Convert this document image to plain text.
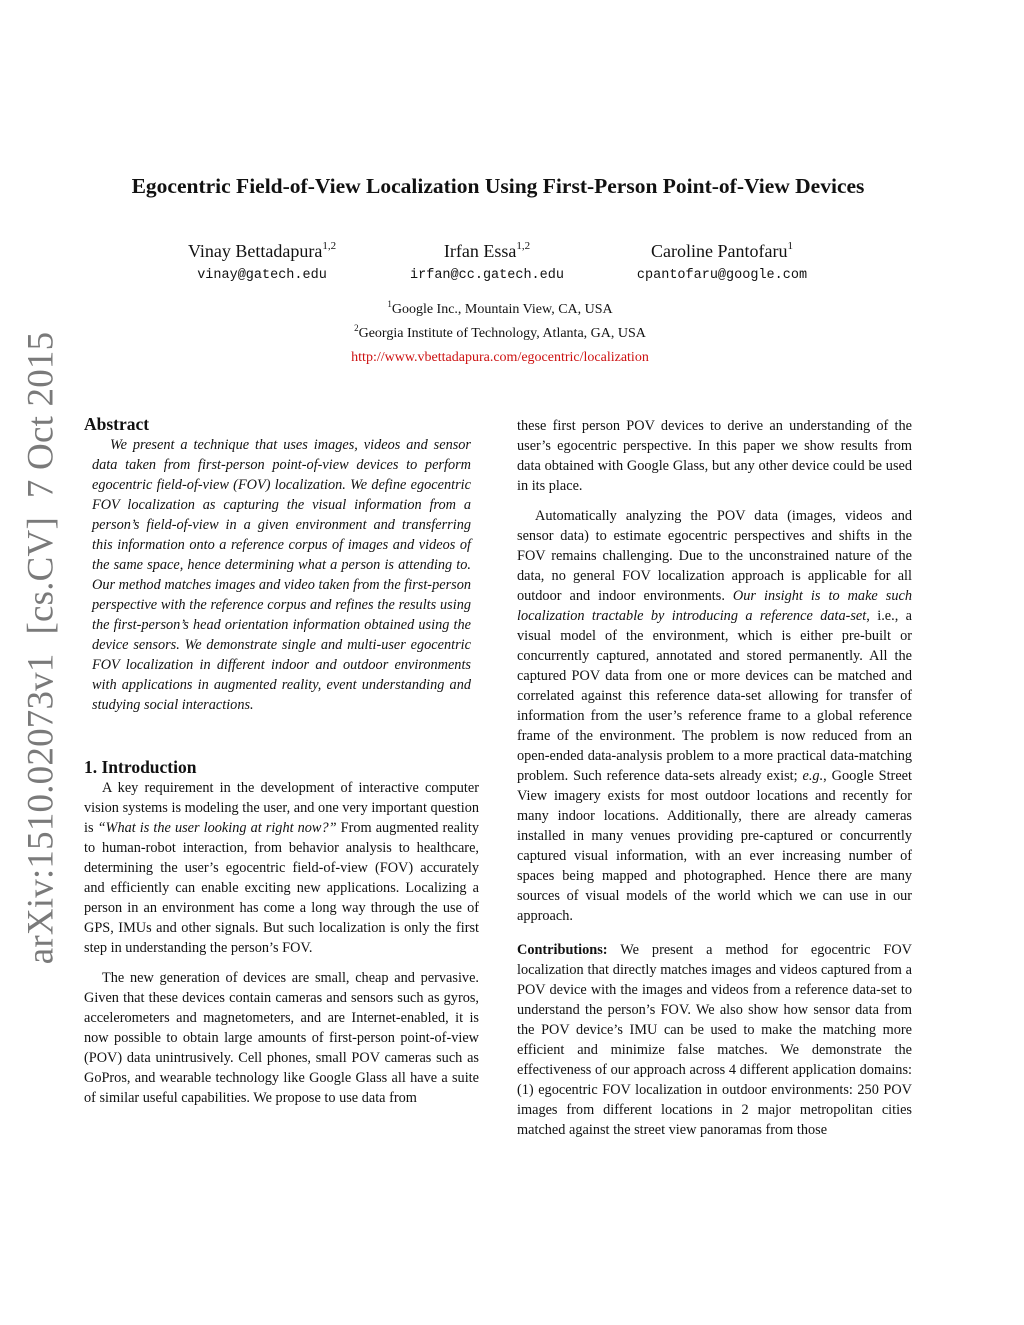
arXiv:1510.02073v1  [cs.CV]  7 Oct 2015
Egocentric Field-of-View Localization Using First-Person Point-of-View Devices
Vinay Bettadapura$^{1,2}$
vinay@gatech.edu
Irfan Essa$^{1,2}$
irfan@cc.gatech.edu
Caroline Pantofaru$^1$
cpantofaru@google.com
$^1$Google Inc., Mountain View, CA, USA
$^2$Georgia Institute of Technology, Atlanta, GA, USA
http://www.vbettadapura.com/egocentric/localization

Abstract

We present a technique that uses images, videos and sensor data taken from first-person point-of-view devices to perform egocentric field-of-view (FOV) localization. We define egocentric FOV localization as capturing the visual information from a person’s field-of-view in a given environment and transferring this information onto a reference corpus of images and videos of the same space, hence determining what a person is attending to. Our method matches images and video taken from the first-person perspective with the reference corpus and refines the results using the first-person’s head orientation information obtained using the device sensors. We demonstrate single and multi-user egocentric FOV localization in different indoor and outdoor environments with applications in augmented reality, event understanding and studying social interactions.

1. Introduction

A key requirement in the development of interactive computer vision systems is modeling the user, and one very important question is “What is the user looking at right now?” From augmented reality to human-robot interaction, from behavior analysis to healthcare, determining the user’s egocentric field-of-view (FOV) accurately and efficiently can enable exciting new applications. Localizing a person in an environment has come a long way through the use of GPS, IMUs and other signals. But such localization is only the first step in understanding the person’s FOV.

The new generation of devices are small, cheap and pervasive. Given that these devices contain cameras and sensors such as gyros, accelerometers and magnetometers, and are Internet-enabled, it is now possible to obtain large amounts of first-person point-of-view (POV) data unintrusively. Cell phones, small POV cameras such as GoPros, and wearable technology like Google Glass all have a suite of similar useful capabilities. We propose to use data from

these first person POV devices to derive an understanding of the user’s egocentric perspective. In this paper we show results from data obtained with Google Glass, but any other device could be used in its place.

Automatically analyzing the POV data (images, videos and sensor data) to estimate egocentric perspectives and shifts in the FOV remains challenging. Due to the unconstrained nature of the data, no general FOV localization approach is applicable for all outdoor and indoor environments. Our insight is to make such localization tractable by introducing a reference data-set, i.e., a visual model of the environment, which is either pre-built or concurrently captured, annotated and stored permanently. All the captured POV data from one or more devices can be matched and correlated against this reference data-set allowing for transfer of information from the user’s reference frame to a global reference frame of the environment. The problem is now reduced from an open-ended data-analysis problem to a more practical data-matching problem. Such reference data-sets already exist; e.g., Google Street View imagery exists for most outdoor locations and recently for many indoor locations. Additionally, there are already cameras installed in many venues providing pre-captured or concurrently captured visual information, with an ever increasing number of spaces being mapped and photographed. Hence there are many sources of visual models of the world which we can use in our approach.

Contributions: We present a method for egocentric FOV localization that directly matches images and videos captured from a POV device with the images and videos from a reference data-set to understand the person’s FOV. We also show how sensor data from the POV device’s IMU can be used to make the matching more efficient and minimize false matches. We demonstrate the effectiveness of our approach across 4 different application domains: (1) egocentric FOV localization in outdoor environments: 250 POV images from different locations in 2 major metropolitan cities matched against the street view panoramas from those
